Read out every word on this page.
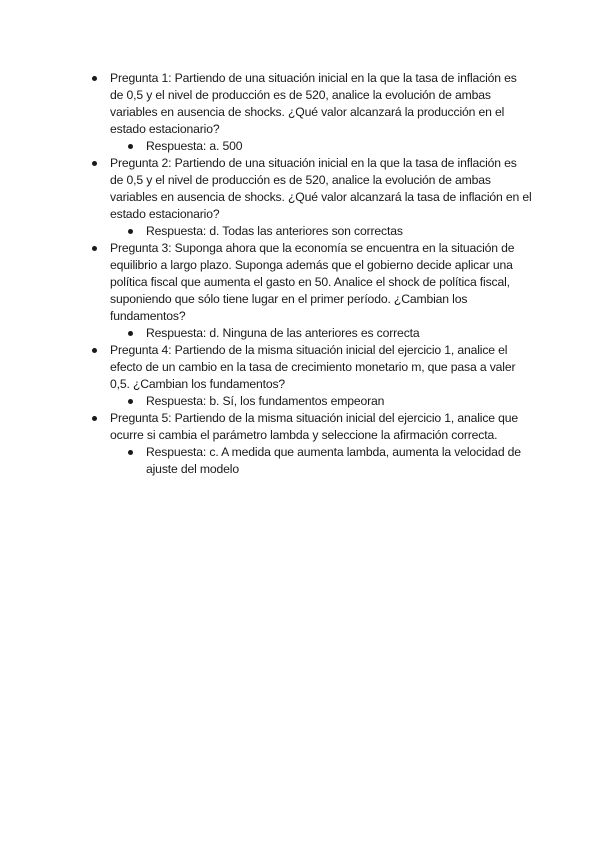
Pregunta 1: Partiendo de una situación inicial en la que la tasa de inflación es de 0,5 y el nivel de producción es de 520, analice la evolución de ambas variables en ausencia de shocks. ¿Qué valor alcanzará la producción en el estado estacionario?
Respuesta: a. 500
Pregunta 2: Partiendo de una situación inicial en la que la tasa de inflación es de 0,5 y el nivel de producción es de 520, analice la evolución de ambas variables en ausencia de shocks. ¿Qué valor alcanzará la tasa de inflación en el estado estacionario?
Respuesta: d. Todas las anteriores son correctas
Pregunta 3: Suponga ahora que la economía se encuentra en la situación de equilibrio a largo plazo. Suponga además que el gobierno decide aplicar una política fiscal que aumenta el gasto en 50. Analice el shock de política fiscal, suponiendo que sólo tiene lugar en el primer período. ¿Cambian los fundamentos?
Respuesta: d. Ninguna de las anteriores es correcta
Pregunta 4: Partiendo de la misma situación inicial del ejercicio 1, analice el efecto de un cambio en la tasa de crecimiento monetario m, que pasa a valer 0,5. ¿Cambian los fundamentos?
Respuesta: b. Sí, los fundamentos empeoran
Pregunta 5: Partiendo de la misma situación inicial del ejercicio 1, analice que ocurre si cambia el parámetro lambda y seleccione la afirmación correcta.
Respuesta: c. A medida que aumenta lambda, aumenta la velocidad de ajuste del modelo
